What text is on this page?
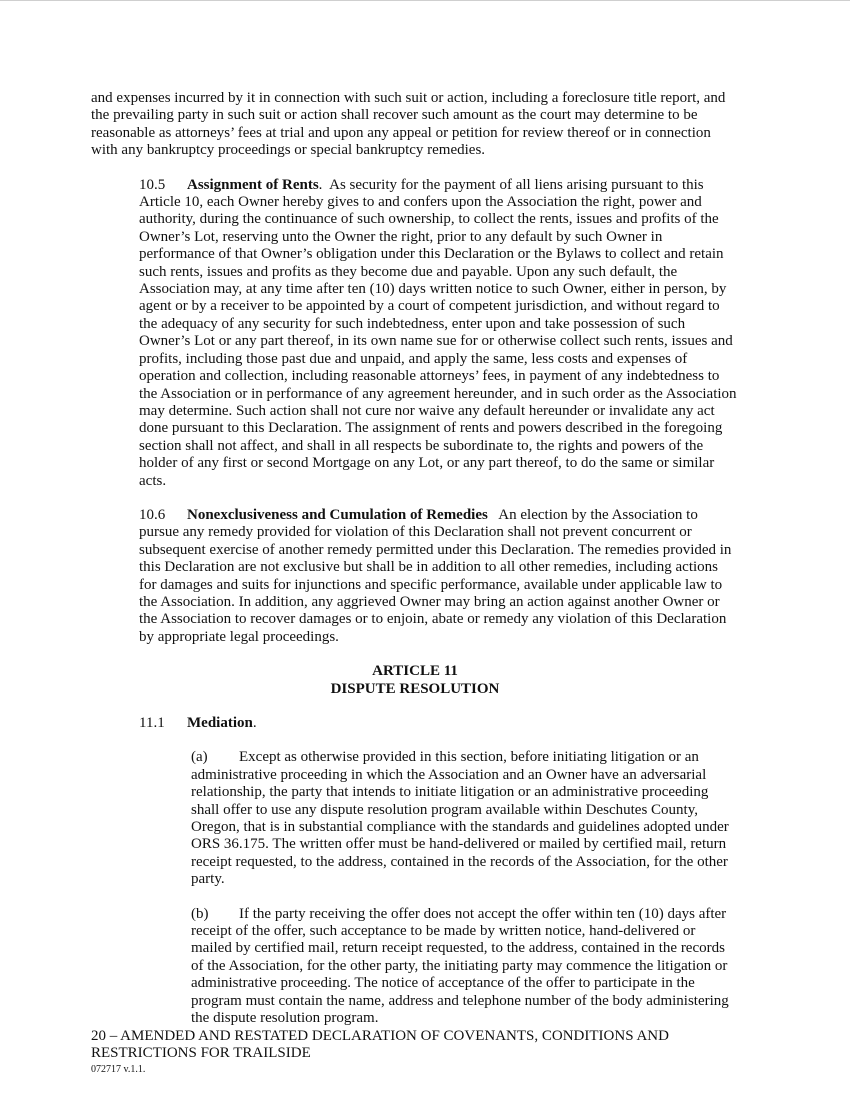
and expenses incurred by it in connection with such suit or action, including a foreclosure title report, and the prevailing party in such suit or action shall recover such amount as the court may determine to be reasonable as attorneys’ fees at trial and upon any appeal or petition for review thereof or in connection with any bankruptcy proceedings or special bankruptcy remedies.

10.5 Assignment of Rents. As security for the payment of all liens arising pursuant to this Article 10, each Owner hereby gives to and confers upon the Association the right, power and authority, during the continuance of such ownership, to collect the rents, issues and profits of the Owner’s Lot, reserving unto the Owner the right, prior to any default by such Owner in performance of that Owner’s obligation under this Declaration or the Bylaws to collect and retain such rents, issues and profits as they become due and payable. Upon any such default, the Association may, at any time after ten (10) days written notice to such Owner, either in person, by agent or by a receiver to be appointed by a court of competent jurisdiction, and without regard to the adequacy of any security for such indebtedness, enter upon and take possession of such Owner’s Lot or any part thereof, in its own name sue for or otherwise collect such rents, issues and profits, including those past due and unpaid, and apply the same, less costs and expenses of operation and collection, including reasonable attorneys’ fees, in payment of any indebtedness to the Association or in performance of any agreement hereunder, and in such order as the Association may determine. Such action shall not cure nor waive any default hereunder or invalidate any act done pursuant to this Declaration. The assignment of rents and powers described in the foregoing section shall not affect, and shall in all respects be subordinate to, the rights and powers of the holder of any first or second Mortgage on any Lot, or any part thereof, to do the same or similar acts.

10.6 Nonexclusiveness and Cumulation of Remedies An election by the Association to pursue any remedy provided for violation of this Declaration shall not prevent concurrent or subsequent exercise of another remedy permitted under this Declaration. The remedies provided in this Declaration are not exclusive but shall be in addition to all other remedies, including actions for damages and suits for injunctions and specific performance, available under applicable law to the Association. In addition, any aggrieved Owner may bring an action against another Owner or the Association to recover damages or to enjoin, abate or remedy any violation of this Declaration by appropriate legal proceedings.

ARTICLE 11

DISPUTE RESOLUTION

11.1 Mediation.

(a) Except as otherwise provided in this section, before initiating litigation or an administrative proceeding in which the Association and an Owner have an adversarial relationship, the party that intends to initiate litigation or an administrative proceeding shall offer to use any dispute resolution program available within Deschutes County, Oregon, that is in substantial compliance with the standards and guidelines adopted under ORS 36.175. The written offer must be hand-delivered or mailed by certified mail, return receipt requested, to the address, contained in the records of the Association, for the other party.

(b) If the party receiving the offer does not accept the offer within ten (10) days after receipt of the offer, such acceptance to be made by written notice, hand-delivered or mailed by certified mail, return receipt requested, to the address, contained in the records of the Association, for the other party, the initiating party may commence the litigation or administrative proceeding. The notice of acceptance of the offer to participate in the program must contain the name, address and telephone number of the body administering the dispute resolution program.

20 – AMENDED AND RESTATED DECLARATION OF COVENANTS, CONDITIONS AND RESTRICTIONS FOR TRAILSIDE
072717 v.1.1.
